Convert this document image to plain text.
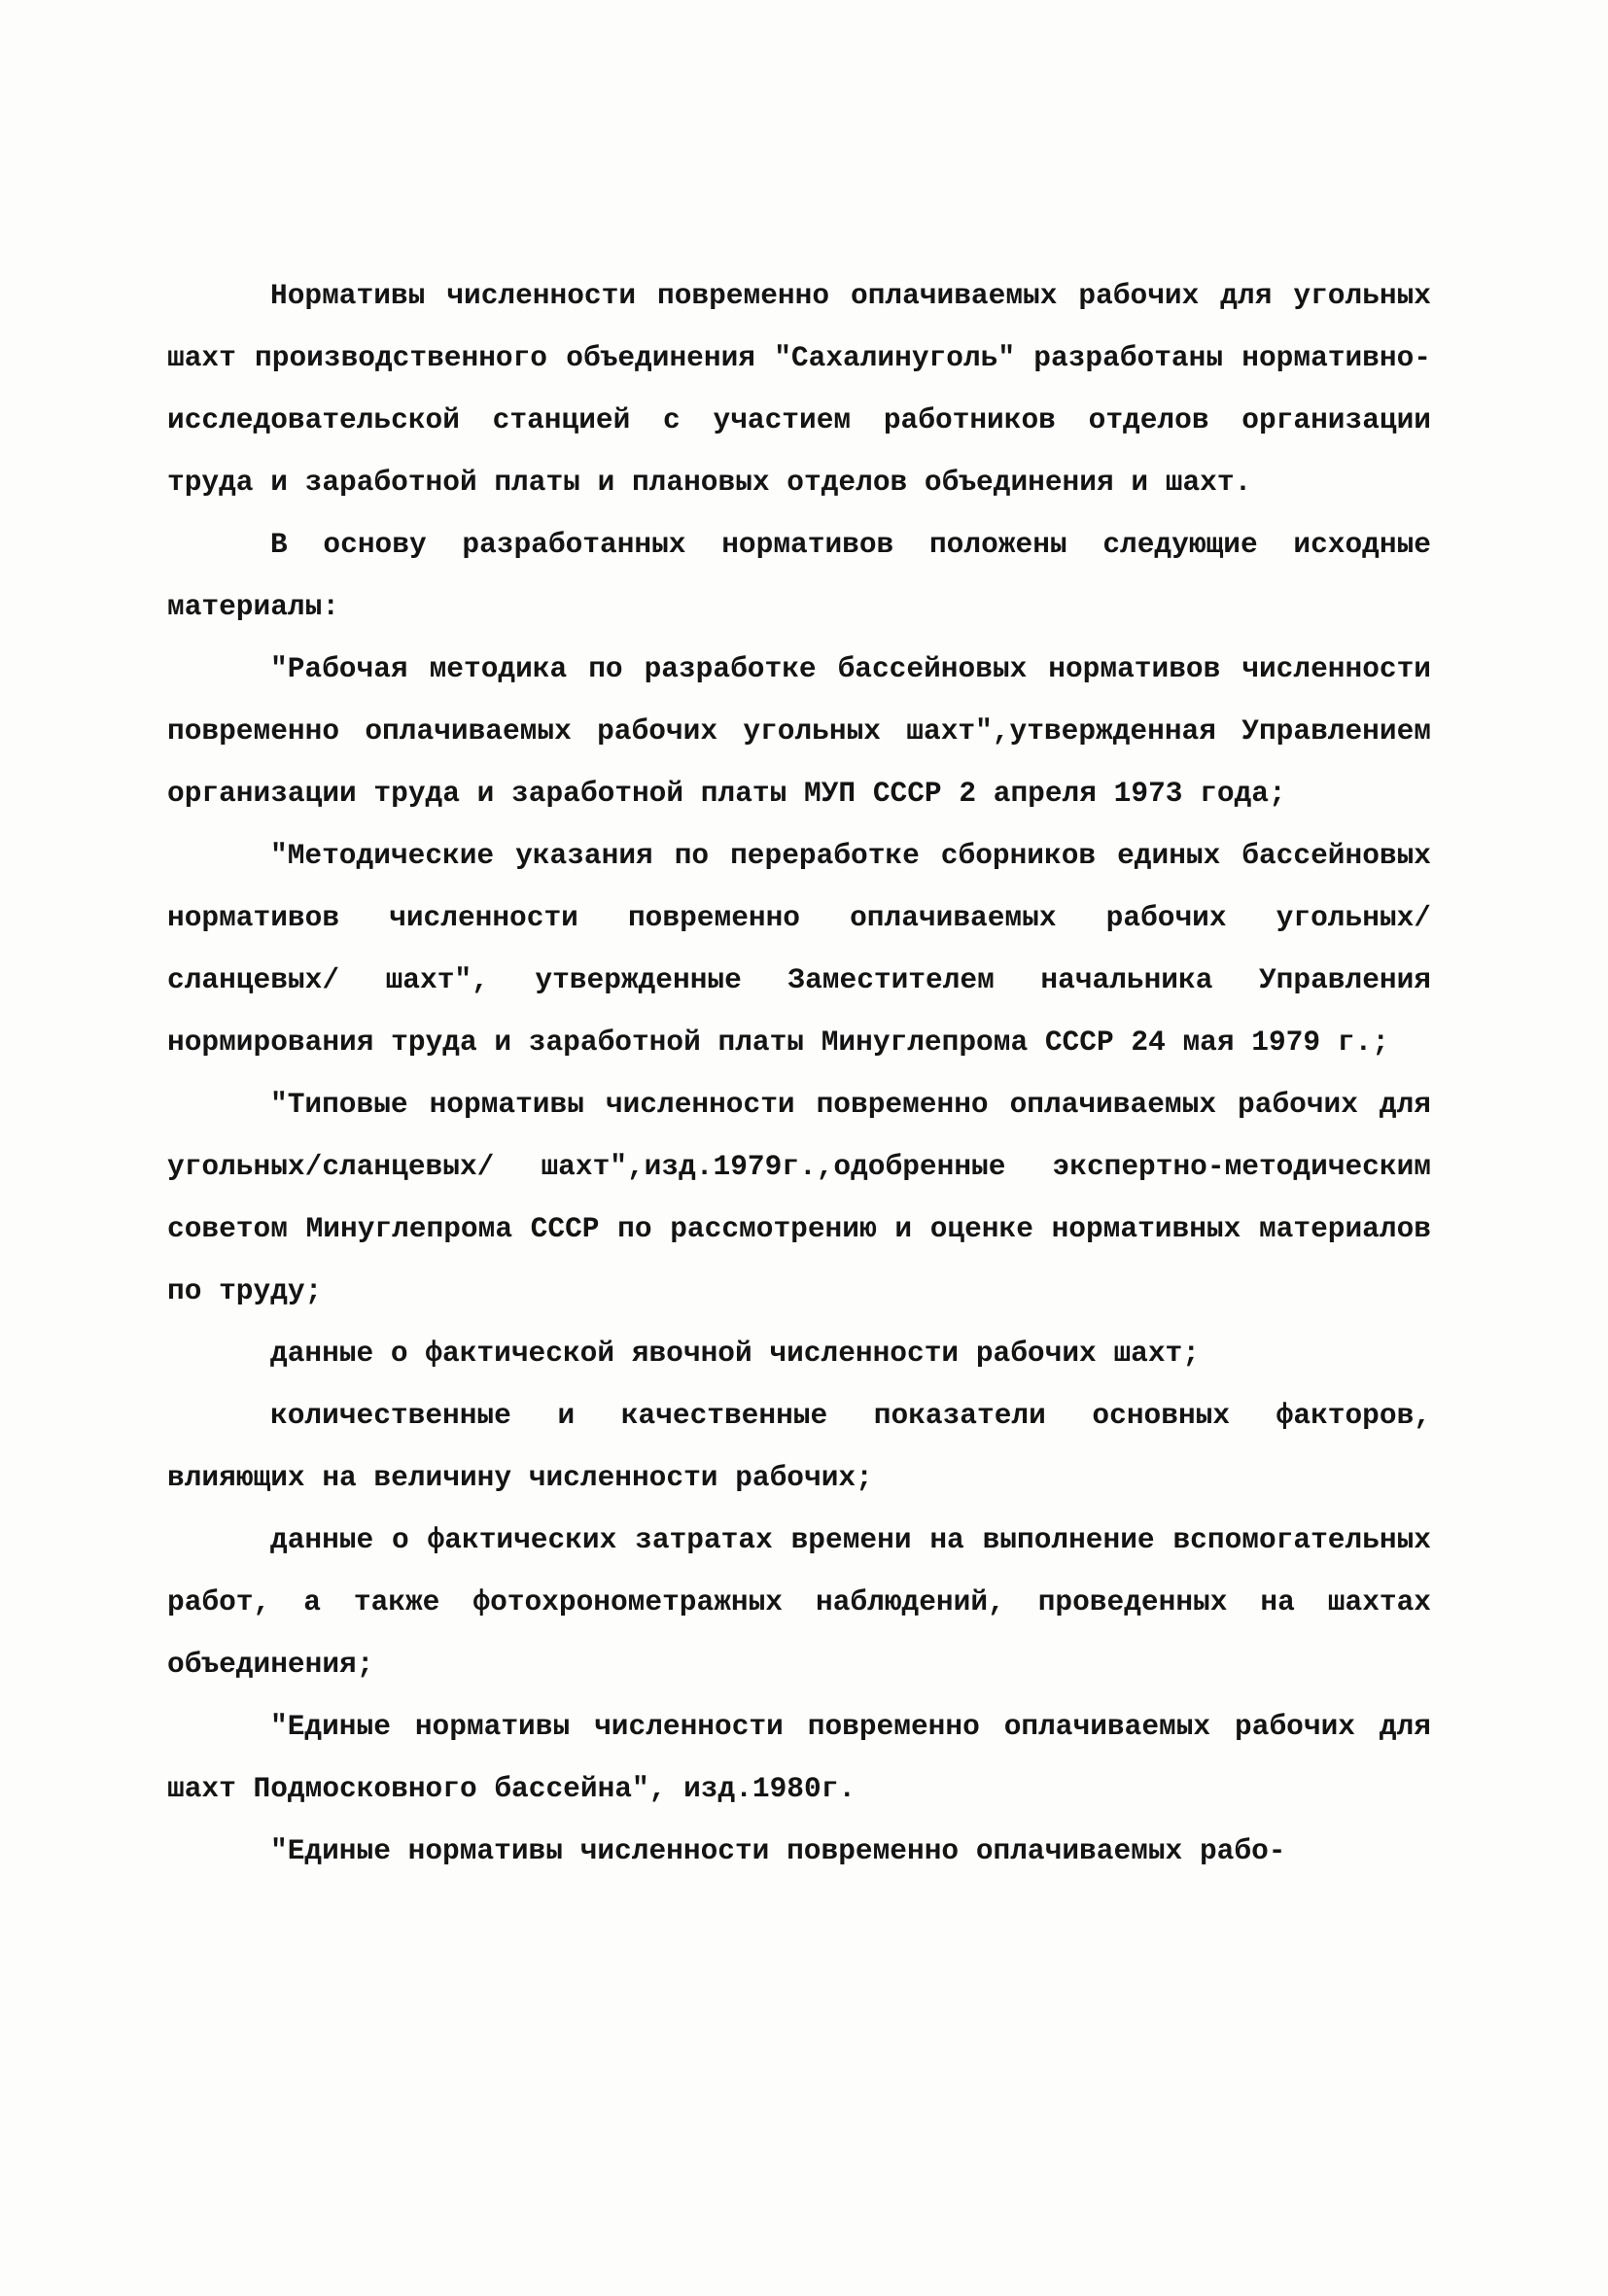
Нормативы численности повременно оплачиваемых рабочих для угольных шахт производственного объединения "Сахалинуголь" разработаны нормативно-исследовательской станцией с участием работников отделов организации труда и заработной платы и плановых отделов объединения и шахт.

В основу разработанных нормативов положены следующие исходные материалы:

"Рабочая методика по разработке бассейновых нормативов численности повременно оплачиваемых рабочих угольных шахт",утвержденная Управлением организации труда и заработной платы МУП СССР 2 апреля 1973 года;

"Методические указания по переработке сборников единых бассейновых нормативов численности повременно оплачиваемых рабочих угольных/сланцевых/ шахт", утвержденные Заместителем начальника Управления нормирования труда и заработной платы Минуглепрома СССР 24 мая 1979 г.;

"Типовые нормативы численности повременно оплачиваемых рабочих для угольных/сланцевых/ шахт",изд.1979г.,одобренные экспертно-методическим советом Минуглепрома СССР по рассмотрению и оценке нормативных материалов по труду;

данные о фактической явочной численности рабочих шахт;

количественные и качественные показатели основных факторов, влияющих на величину численности рабочих;

данные о фактических затратах времени на выполнение вспомогательных работ, а также фотохронометражных наблюдений, проведенных на шахтах объединения;

"Единые нормативы численности повременно оплачиваемых рабочих для шахт Подмосковного бассейна", изд.1980г.

"Единые нормативы численности повременно оплачиваемых рабо-
